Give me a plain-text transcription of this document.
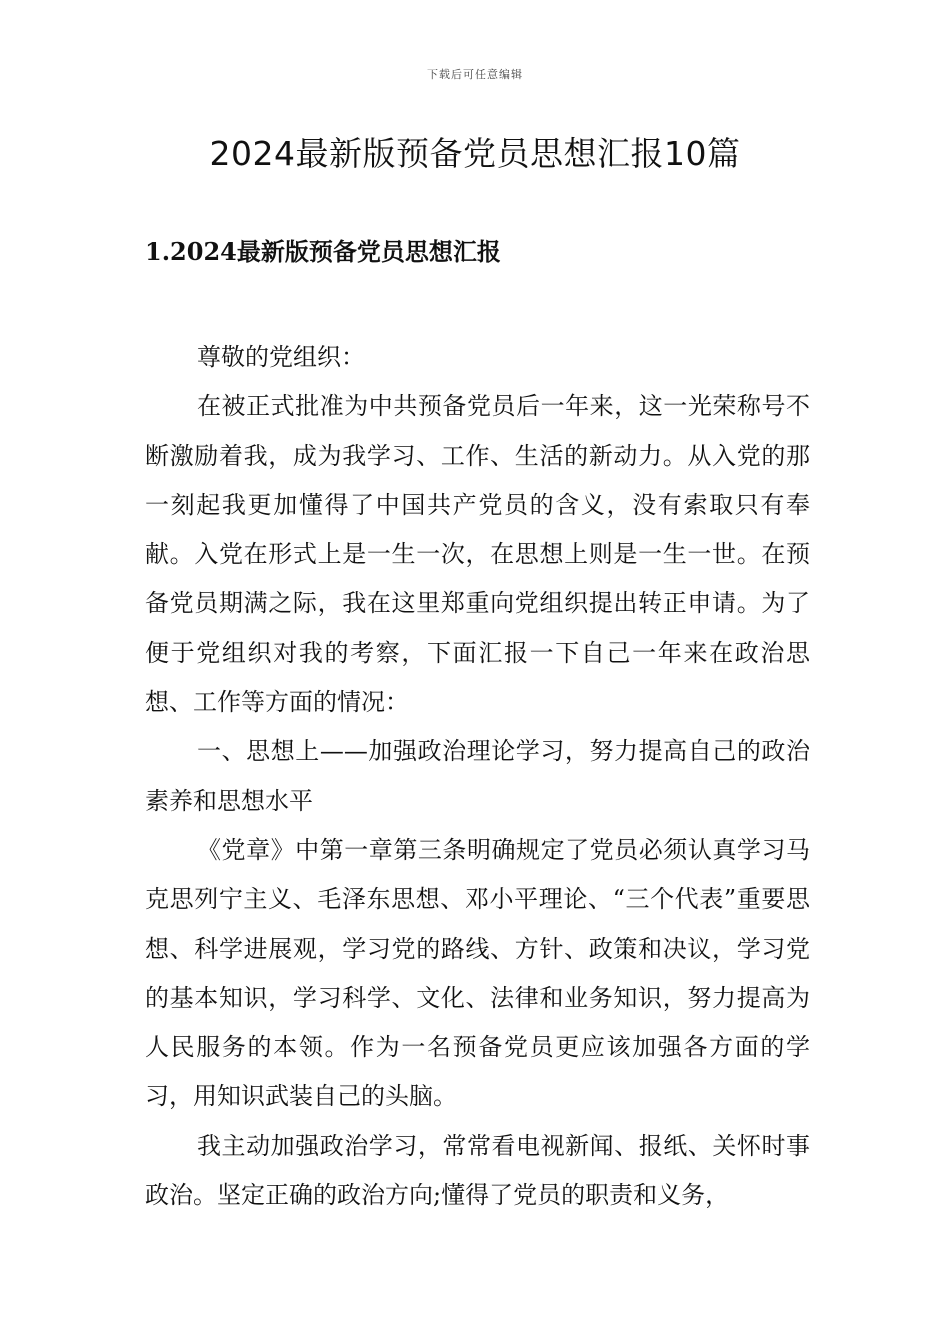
下载后可任意编辑
2024最新版预备党员思想汇报10篇
1.2024最新版预备党员思想汇报

尊敬的党组织：

在被正式批准为中共预备党员后一年来，这一光荣称号不断激励着我，成为我学习、工作、生活的新动力。从入党的那一刻起我更加懂得了中国共产党员的含义，没有索取只有奉献。入党在形式上是一生一次，在思想上则是一生一世。在预备党员期满之际，我在这里郑重向党组织提出转正申请。为了便于党组织对我的考察，下面汇报一下自己一年来在政治思想、工作等方面的情况：

一、思想上——加强政治理论学习，努力提高自己的政治素养和思想水平

《党章》中第一章第三条明确规定了党员必须认真学习马克思列宁主义、毛泽东思想、邓小平理论、“三个代表”重要思想、科学进展观，学习党的路线、方针、政策和决议，学习党的基本知识，学习科学、文化、法律和业务知识，努力提高为人民服务的本领。作为一名预备党员更应该加强各方面的学习，用知识武装自己的头脑。

我主动加强政治学习，常常看电视新闻、报纸、关怀时事政治。坚定正确的政治方向;懂得了党员的职责和义务，
